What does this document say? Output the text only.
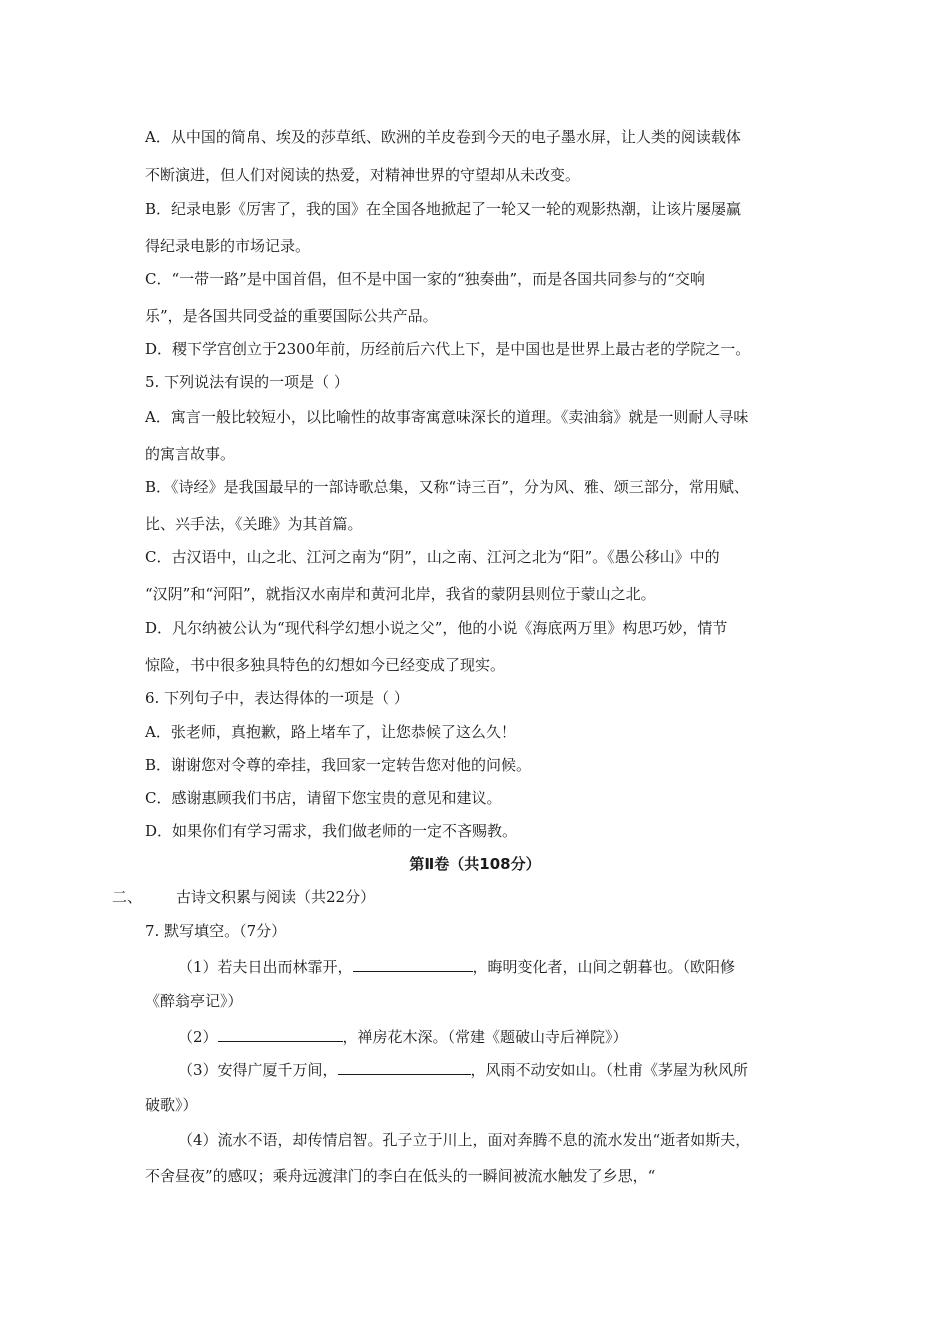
A．从中国的简帛、埃及的莎草纸、欧洲的羊皮卷到今天的电子墨水屏，让人类的阅读载体
不断演进，但人们对阅读的热爱，对精神世界的守望却从未改变。
B．纪录电影《厉害了，我的国》在全国各地掀起了一轮又一轮的观影热潮，让该片屡屡赢
得纪录电影的市场记录。
C．“一带一路”是中国首倡，但不是中国一家的“独奏曲”，而是各国共同参与的“交响
乐”，是各国共同受益的重要国际公共产品。
D．稷下学宫创立于2300年前，历经前后六代上下，是中国也是世界上最古老的学院之一。
5. 下列说法有误的一项是（ ）
A．寓言一般比较短小，以比喻性的故事寄寓意味深长的道理。《卖油翁》就是一则耐人寻味
的寓言故事。
B．《诗经》是我国最早的一部诗歌总集，又称“诗三百”，分为风、雅、颂三部分，常用赋、
比、兴手法，《关雎》为其首篇。
C．古汉语中，山之北、江河之南为“阴”，山之南、江河之北为“阳”。《愚公移山》中的
“汉阴”和“河阳”，就指汉水南岸和黄河北岸，我省的蒙阴县则位于蒙山之北。
D．凡尔纳被公认为“现代科学幻想小说之父”，他的小说《海底两万里》构思巧妙，情节
惊险，书中很多独具特色的幻想如今已经变成了现实。
6. 下列句子中，表达得体的一项是（ ）
A．张老师，真抱歉，路上堵车了，让您恭候了这么久！
B．谢谢您对令尊的牵挂，我回家一定转告您对他的问候。
C．感谢惠顾我们书店，请留下您宝贵的意见和建议。
D．如果你们有学习需求，我们做老师的一定不吝赐教。
第Ⅱ卷（共108分）
二、 古诗文积累与阅读（共22分）
7. 默写填空。（7分）
（1）若夫日出而林霏开，	，晦明变化者，山间之朝暮也。（欧阳修
《醉翁亭记》）
（2）	，禅房花木深。（常建《题破山寺后禅院》）
（3）安得广厦千万间，	，风雨不动安如山。（杜甫《茅屋为秋风所
破歌》）
（4）流水不语，却传情启智。孔子立于川上，面对奔腾不息的流水发出“逝者如斯夫，
不舍昼夜”的感叹；乘舟远渡津门的李白在低头的一瞬间被流水触发了乡思，“
